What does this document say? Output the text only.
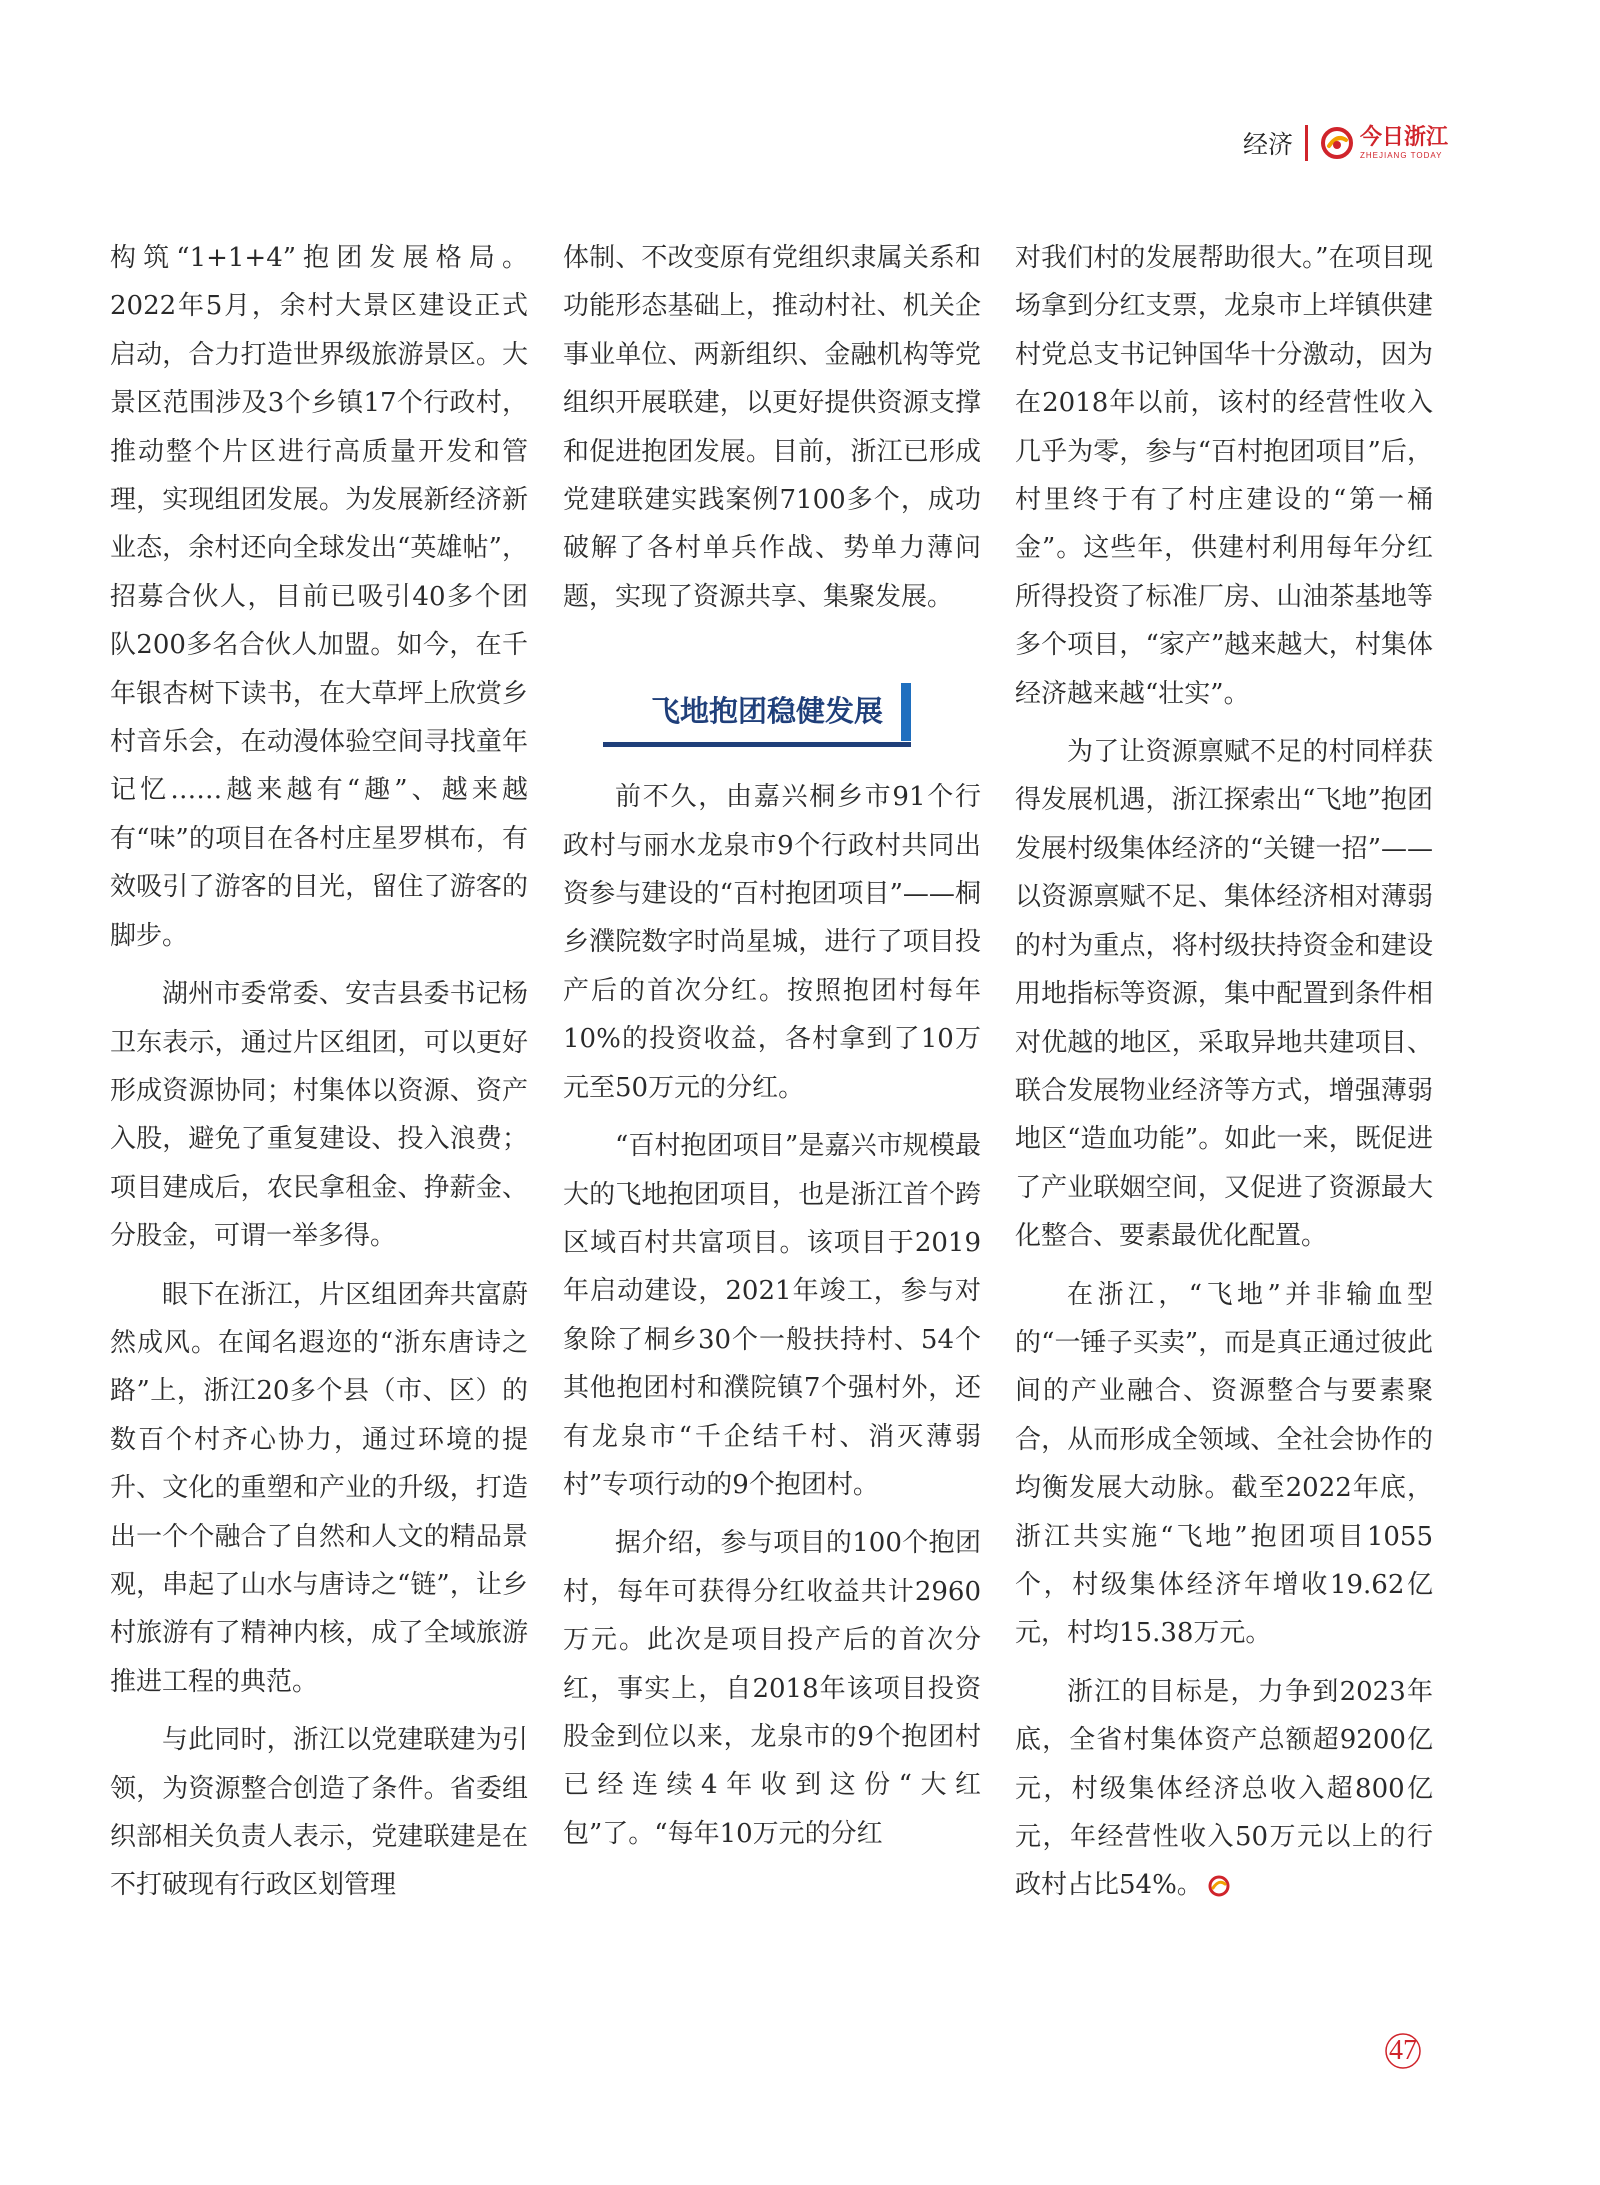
经济	今日浙江
ZHEJIANG TODAY

构筑“1+1+4”抱团发展格局。2022年5月，余村大景区建设正式启动，合力打造世界级旅游景区。大景区范围涉及3个乡镇17个行政村，推动整个片区进行高质量开发和管理，实现组团发展。为发展新经济新业态，余村还向全球发出“英雄帖”，招募合伙人，目前已吸引40多个团队200多名合伙人加盟。如今，在千年银杏树下读书，在大草坪上欣赏乡村音乐会，在动漫体验空间寻找童年记忆……越来越有“趣”、越来越有“味”的项目在各村庄星罗棋布，有效吸引了游客的目光，留住了游客的脚步。

湖州市委常委、安吉县委书记杨卫东表示，通过片区组团，可以更好形成资源协同；村集体以资源、资产入股，避免了重复建设、投入浪费；项目建成后，农民拿租金、挣薪金、分股金，可谓一举多得。

眼下在浙江，片区组团奔共富蔚然成风。在闻名遐迩的“浙东唐诗之路”上，浙江20多个县（市、区）的数百个村齐心协力，通过环境的提升、文化的重塑和产业的升级，打造出一个个融合了自然和人文的精品景观，串起了山水与唐诗之“链”，让乡村旅游有了精神内核，成了全域旅游推进工程的典范。

与此同时，浙江以党建联建为引领，为资源整合创造了条件。省委组织部相关负责人表示，党建联建是在不打破现有行政区划管理

体制、不改变原有党组织隶属关系和功能形态基础上，推动村社、机关企事业单位、两新组织、金融机构等党组织开展联建，以更好提供资源支撑和促进抱团发展。目前，浙江已形成党建联建实践案例7100多个，成功破解了各村单兵作战、势单力薄问题，实现了资源共享、集聚发展。

飞地抱团稳健发展

前不久，由嘉兴桐乡市91个行政村与丽水龙泉市9个行政村共同出资参与建设的“百村抱团项目”——桐乡濮院数字时尚星城，进行了项目投产后的首次分红。按照抱团村每年10%的投资收益，各村拿到了10万元至50万元的分红。

“百村抱团项目”是嘉兴市规模最大的飞地抱团项目，也是浙江首个跨区域百村共富项目。该项目于2019年启动建设，2021年竣工，参与对象除了桐乡30个一般扶持村、54个其他抱团村和濮院镇7个强村外，还有龙泉市“千企结千村、消灭薄弱村”专项行动的9个抱团村。

据介绍，参与项目的100个抱团村，每年可获得分红收益共计2960万元。此次是项目投产后的首次分红，事实上，自2018年该项目投资股金到位以来，龙泉市的9个抱团村已经连续4年收到这份“大红包”了。“每年10万元的分红

对我们村的发展帮助很大。”在项目现场拿到分红支票，龙泉市上垟镇供建村党总支书记钟国华十分激动，因为在2018年以前，该村的经营性收入几乎为零，参与“百村抱团项目”后，村里终于有了村庄建设的“第一桶金”。这些年，供建村利用每年分红所得投资了标准厂房、山油茶基地等多个项目，“家产”越来越大，村集体经济越来越“壮实”。

为了让资源禀赋不足的村同样获得发展机遇，浙江探索出“飞地”抱团发展村级集体经济的“关键一招”——以资源禀赋不足、集体经济相对薄弱的村为重点，将村级扶持资金和建设用地指标等资源，集中配置到条件相对优越的地区，采取异地共建项目、联合发展物业经济等方式，增强薄弱地区“造血功能”。如此一来，既促进了产业联姻空间，又促进了资源最大化整合、要素最优化配置。

在浙江，“飞地”并非输血型的“一锤子买卖”，而是真正通过彼此间的产业融合、资源整合与要素聚合，从而形成全领域、全社会协作的均衡发展大动脉。截至2022年底，浙江共实施“飞地”抱团项目1055个，村级集体经济年增收19.62亿元，村均15.38万元。

浙江的目标是，力争到2023年底，全省村集体资产总额超9200亿元，村级集体经济总收入超800亿元，年经营性收入50万元以上的行政村占比54%。

47
